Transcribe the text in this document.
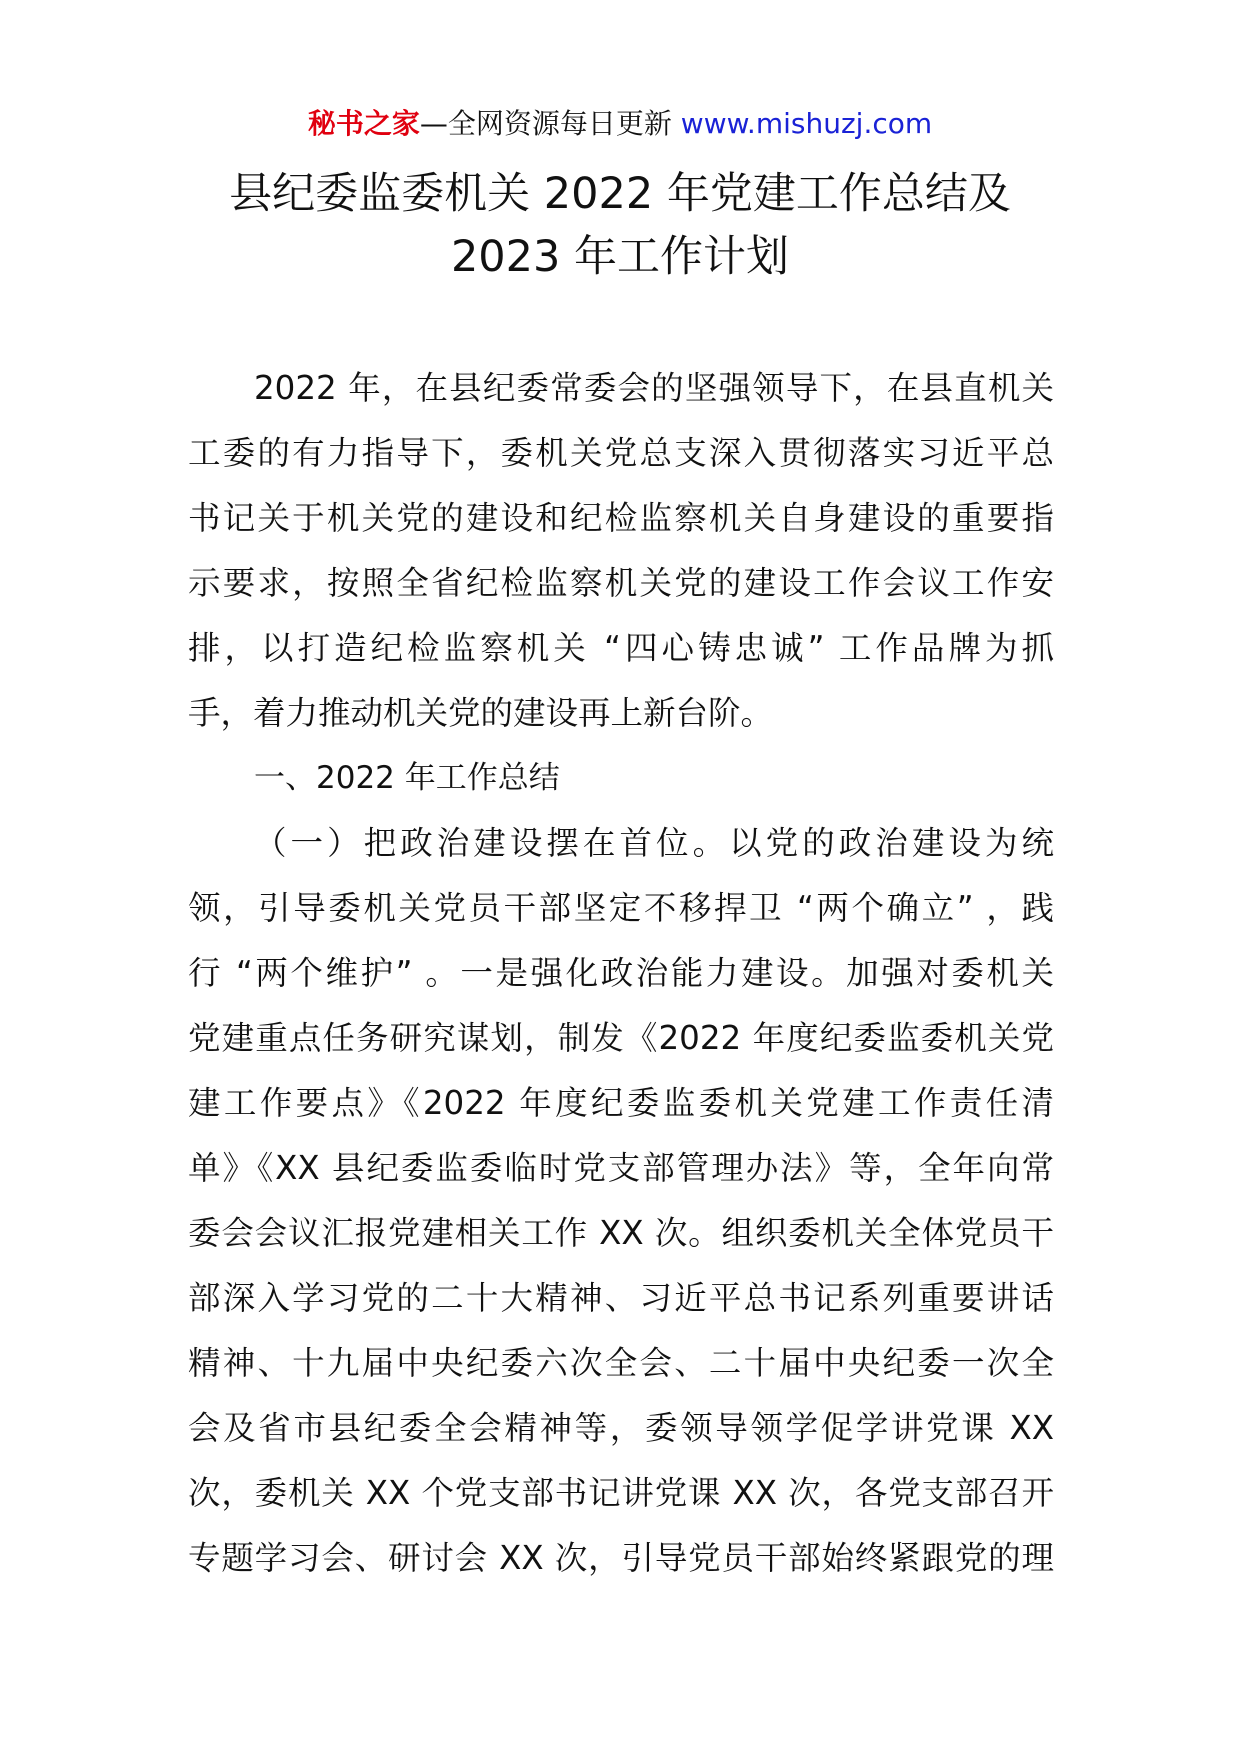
秘书之家—全网资源每日更新 www.mishuzj.com
县纪委监委机关 2022 年党建工作总结及
2023 年工作计划
2022 年，在县纪委常委会的坚强领导下，在县直机关
工委的有力指导下，委机关党总支深入贯彻落实习近平总
书记关于机关党的建设和纪检监察机关自身建设的重要指
示要求，按照全省纪检监察机关党的建设工作会议工作安
排，以打造纪检监察机关 “四心铸忠诚” 工作品牌为抓
手，着力推动机关党的建设再上新台阶。
一、2022 年工作总结
（一）把政治建设摆在首位。以党的政治建设为统
领，引导委机关党员干部坚定不移捍卫 “两个确立” ，践
行 “两个维护” 。一是强化政治能力建设。加强对委机关
党建重点任务研究谋划，制发《2022 年度纪委监委机关党
建工作要点》《2022 年度纪委监委机关党建工作责任清
单》《XX 县纪委监委临时党支部管理办法》等，全年向常
委会会议汇报党建相关工作 XX 次。组织委机关全体党员干
部深入学习党的二十大精神、习近平总书记系列重要讲话
精神、十九届中央纪委六次全会、二十届中央纪委一次全
会及省市县纪委全会精神等，委领导领学促学讲党课 XX
次，委机关 XX 个党支部书记讲党课 XX 次，各党支部召开
专题学习会、研讨会 XX 次，引导党员干部始终紧跟党的理
